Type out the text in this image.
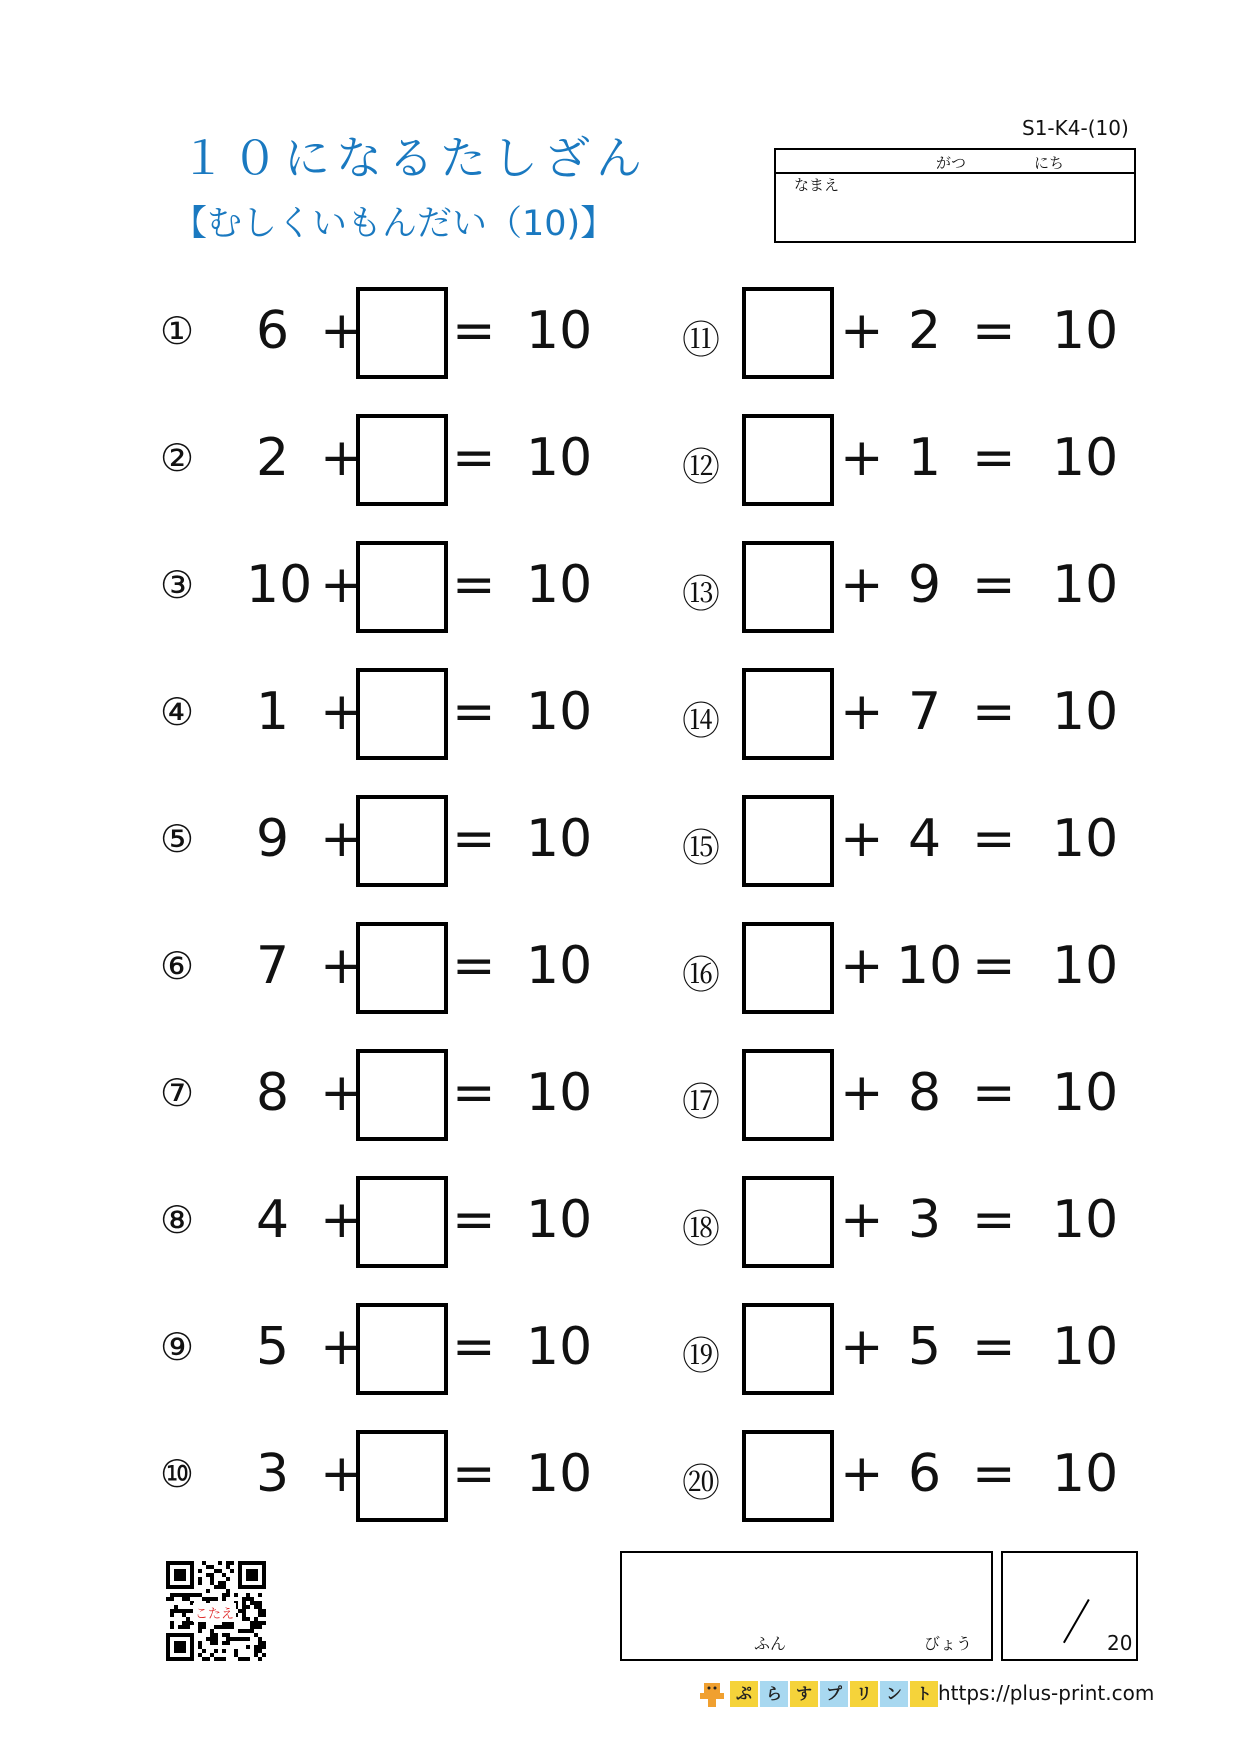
１０になるたしざん
【むしくいもんだい（10)】
S1-K4-(10)
がつ	にち
なまえ
① 6 + = 10
② 2 + = 10
③ 10 + = 10
④ 1 + = 10
⑤ 9 + = 10
⑥ 7 + = 10
⑦ 8 + = 10
⑧ 4 + = 10
⑨ 5 + = 10
⑩ 3 + = 10
⑪ + 2 = 10
⑫ + 1 = 10
⑬ + 9 = 10
⑭ + 7 = 10
⑮ + 4 = 10
⑯ + 10 = 10
⑰ + 8 = 10
⑱ + 3 = 10
⑲ + 5 = 10
⑳ + 6 = 10
こたえ
ふん	びょう	20
ぷ ら す プ リ ン ト https://plus-print.com
